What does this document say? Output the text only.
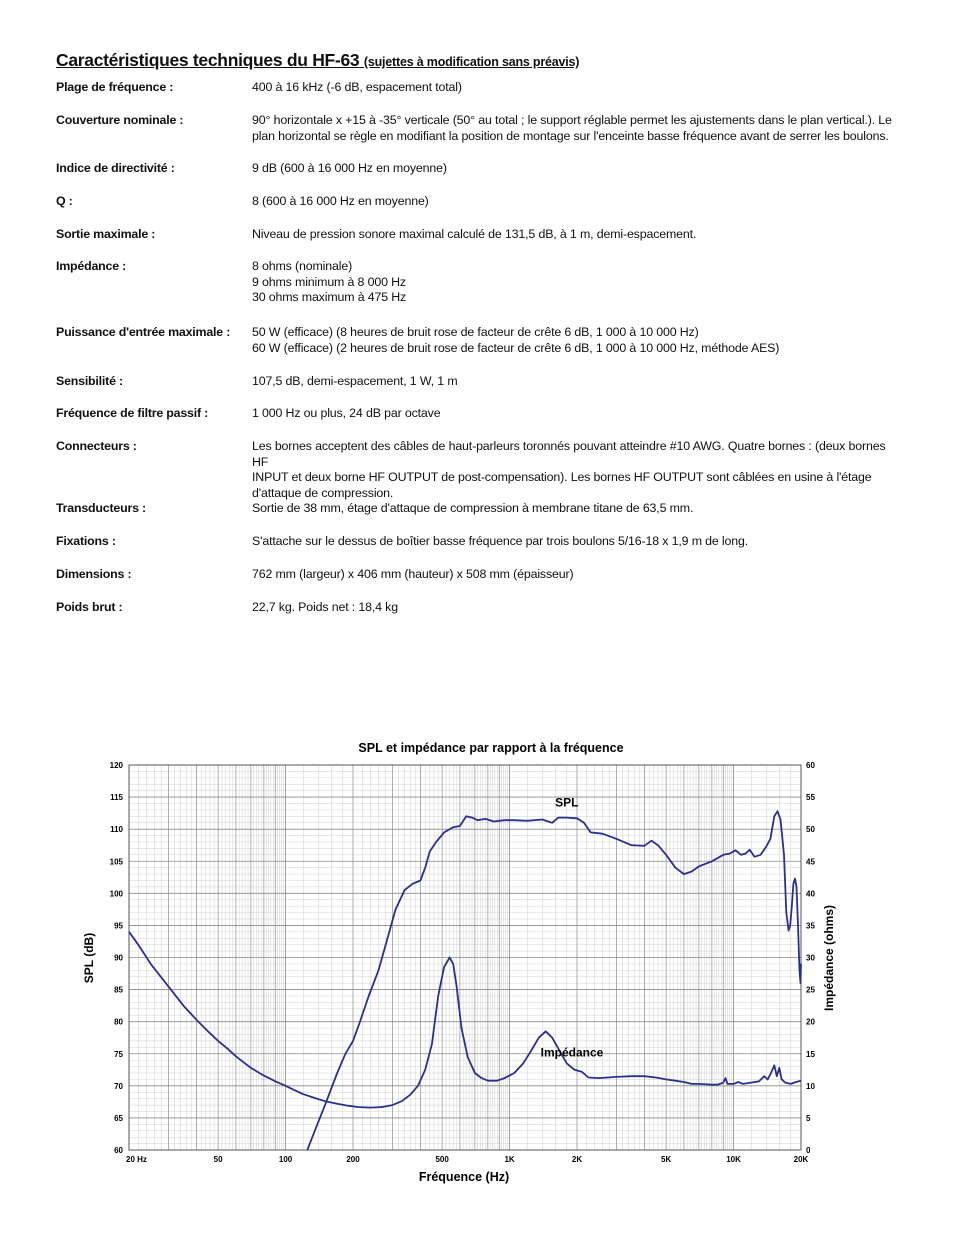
Caractéristiques techniques du HF-63 (sujettes à modification sans préavis)
Plage de fréquence :	400 à 16 kHz (-6 dB, espacement total)
Couverture nominale :	90° horizontale x +15 à -35° verticale (50° au total ; le support réglable permet les ajustements dans le plan vertical.). Le
plan horizontal se règle en modifiant la position de montage sur l'enceinte basse fréquence avant de serrer les boulons.
Indice de directivité :	9 dB (600 à 16 000 Hz en moyenne)
Q :	8 (600 à 16 000 Hz en moyenne)
Sortie maximale :	Niveau de pression sonore maximal calculé de 131,5 dB, à 1 m, demi-espacement.
Impédance :	8 ohms (nominale)
9 ohms minimum à 8 000 Hz
30 ohms maximum à 475 Hz
Puissance d'entrée maximale :	50 W (efficace) (8 heures de bruit rose de facteur de crête 6 dB, 1 000 à 10 000 Hz)
60 W (efficace) (2 heures de bruit rose de facteur de crête 6 dB, 1 000 à 10 000 Hz, méthode AES)
Sensibilité :	107,5 dB, demi-espacement, 1 W, 1 m
Fréquence de filtre passif :	1 000 Hz ou plus, 24 dB par octave
Connecteurs :	Les bornes acceptent des câbles de haut-parleurs toronnés pouvant atteindre #10 AWG. Quatre bornes : (deux bornes HF
INPUT et deux borne HF OUTPUT de post-compensation). Les bornes HF OUTPUT sont câblées en usine à l'étage
d'attaque de compression.
Transducteurs :	Sortie de 38 mm, étage d'attaque de compression à membrane titane de 63,5 mm.
Fixations :	S'attache sur le dessus de boîtier basse fréquence par trois boulons 5/16-18 x 1,9 m de long.
Dimensions :	762 mm (largeur) x 406 mm (hauteur) x 508 mm (épaisseur)
Poids brut :	22,7 kg. Poids net : 18,4 kg
SPL et impédance par rapport à la fréquence
60
65
70
75
80
85
90
95
100
105
110
115
120
0
5
10
15
20
25
30
35
40
45
50
55
60
20 Hz	50	100	200	500	1K	2K	5K	10K	20K
SPL
Impédance
Fréquence (Hz)
SPL (dB)	Impédance (ohms)
